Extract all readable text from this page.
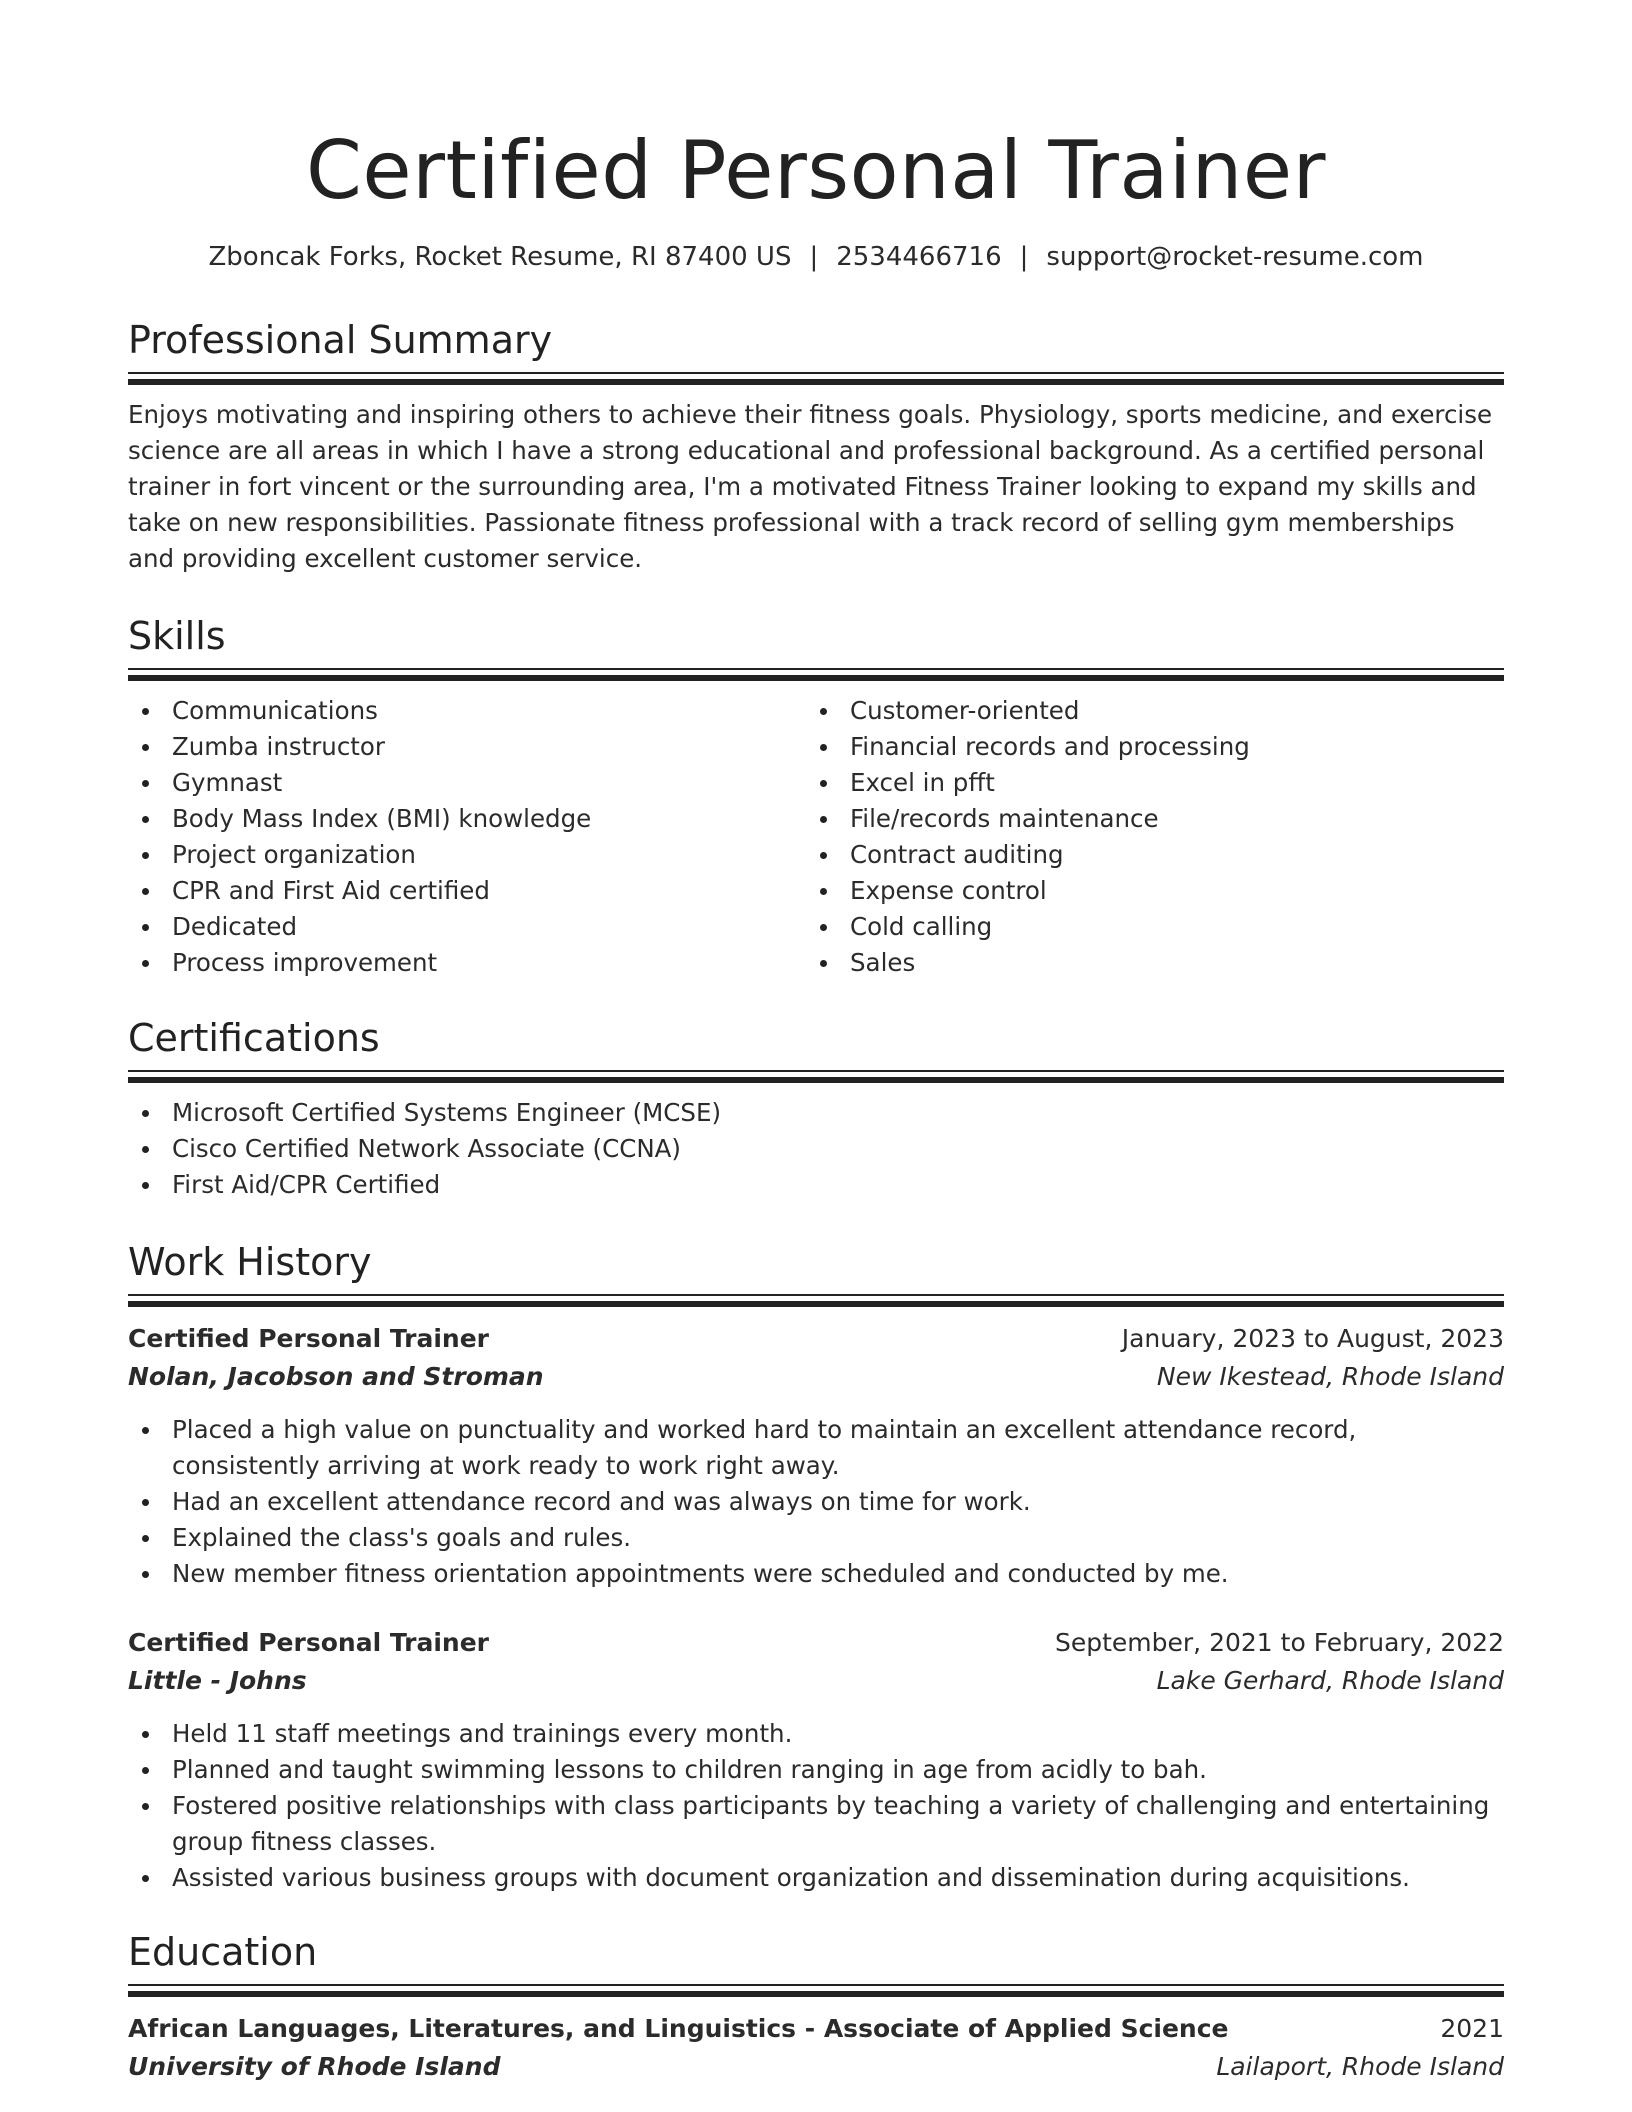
Certified Personal Trainer
Zboncak Forks, Rocket Resume, RI 87400 US | 2534466716 | support@rocket-resume.com
Professional Summary

Enjoys motivating and inspiring others to achieve their fitness goals. Physiology, sports medicine, and exercise science are all areas in which I have a strong educational and professional background. As a certified personal trainer in fort vincent or the surrounding area, I'm a motivated Fitness Trainer looking to expand my skills and take on new responsibilities. Passionate fitness professional with a track record of selling gym memberships and providing excellent customer service.

Skills
Communications
Zumba instructor
Gymnast
Body Mass Index (BMI) knowledge
Project organization
CPR and First Aid certified
Dedicated
Process improvement
Customer-oriented
Financial records and processing
Excel in pfft
File/records maintenance
Contract auditing
Expense control
Cold calling
Sales
Certifications
Microsoft Certified Systems Engineer (MCSE)
Cisco Certified Network Associate (CCNA)
First Aid/CPR Certified
Work History
Certified Personal Trainer	January, 2023 to August, 2023
Nolan, Jacobson and Stroman	New Ikestead, Rhode Island
Placed a high value on punctuality and worked hard to maintain an excellent attendance record, consistently arriving at work ready to work right away.
Had an excellent attendance record and was always on time for work.
Explained the class's goals and rules.
New member fitness orientation appointments were scheduled and conducted by me.
Certified Personal Trainer	September, 2021 to February, 2022
Little - Johns	Lake Gerhard, Rhode Island
Held 11 staff meetings and trainings every month.
Planned and taught swimming lessons to children ranging in age from acidly to bah.
Fostered positive relationships with class participants by teaching a variety of challenging and entertaining group fitness classes.
Assisted various business groups with document organization and dissemination during acquisitions.
Education
African Languages, Literatures, and Linguistics - Associate of Applied Science	2021
University of Rhode Island	Lailaport, Rhode Island
